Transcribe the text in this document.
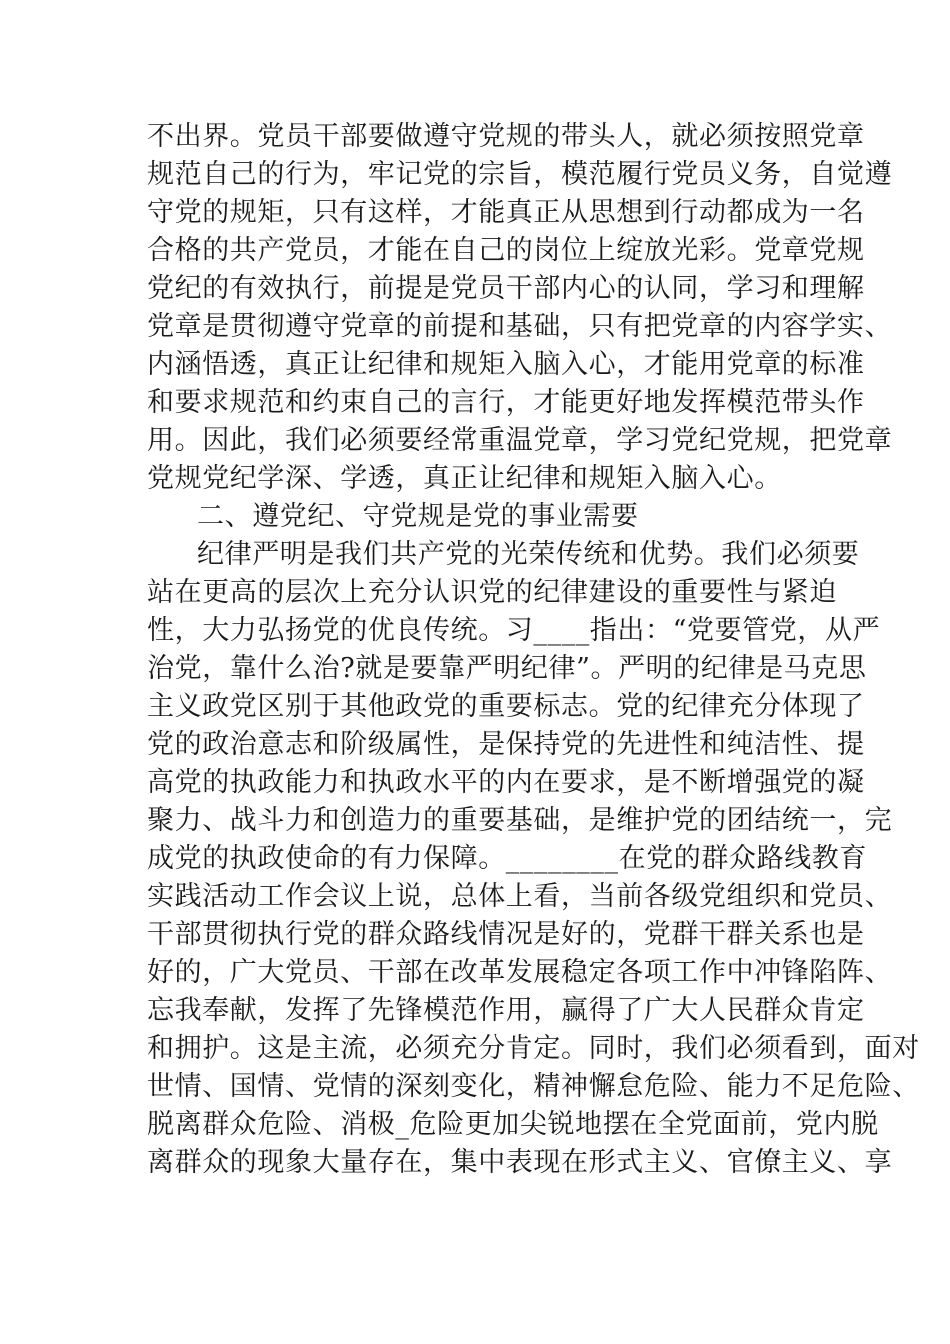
不出界。党员干部要做遵守党规的带头人，就必须按照党章
规范自己的行为，牢记党的宗旨，模范履行党员义务，自觉遵
守党的规矩，只有这样，才能真正从思想到行动都成为一名
合格的共产党员，才能在自己的岗位上绽放光彩。党章党规
党纪的有效执行，前提是党员干部内心的认同，学习和理解
党章是贯彻遵守党章的前提和基础，只有把党章的内容学实、
内涵悟透，真正让纪律和规矩入脑入心，才能用党章的标准
和要求规范和约束自己的言行，才能更好地发挥模范带头作
用。因此，我们必须要经常重温党章，学习党纪党规，把党章
党规党纪学深、学透，真正让纪律和规矩入脑入心。
二、遵党纪、守党规是党的事业需要
纪律严明是我们共产党的光荣传统和优势。我们必须要
站在更高的层次上充分认识党的纪律建设的重要性与紧迫
性，大力弘扬党的优良传统。习____指出：“党要管党，从严
治党，靠什么治?就是要靠严明纪律”。严明的纪律是马克思
主义政党区别于其他政党的重要标志。党的纪律充分体现了
党的政治意志和阶级属性，是保持党的先进性和纯洁性、提
高党的执政能力和执政水平的内在要求，是不断增强党的凝
聚力、战斗力和创造力的重要基础，是维护党的团结统一，完
成党的执政使命的有力保障。________在党的群众路线教育
实践活动工作会议上说，总体上看，当前各级党组织和党员、
干部贯彻执行党的群众路线情况是好的，党群干群关系也是
好的，广大党员、干部在改革发展稳定各项工作中冲锋陷阵、
忘我奉献，发挥了先锋模范作用，赢得了广大人民群众肯定
和拥护。这是主流，必须充分肯定。同时，我们必须看到，面对
世情、国情、党情的深刻变化，精神懈怠危险、能力不足危险、
脱离群众危险、消极_危险更加尖锐地摆在全党面前，党内脱
离群众的现象大量存在，集中表现在形式主义、官僚主义、享
